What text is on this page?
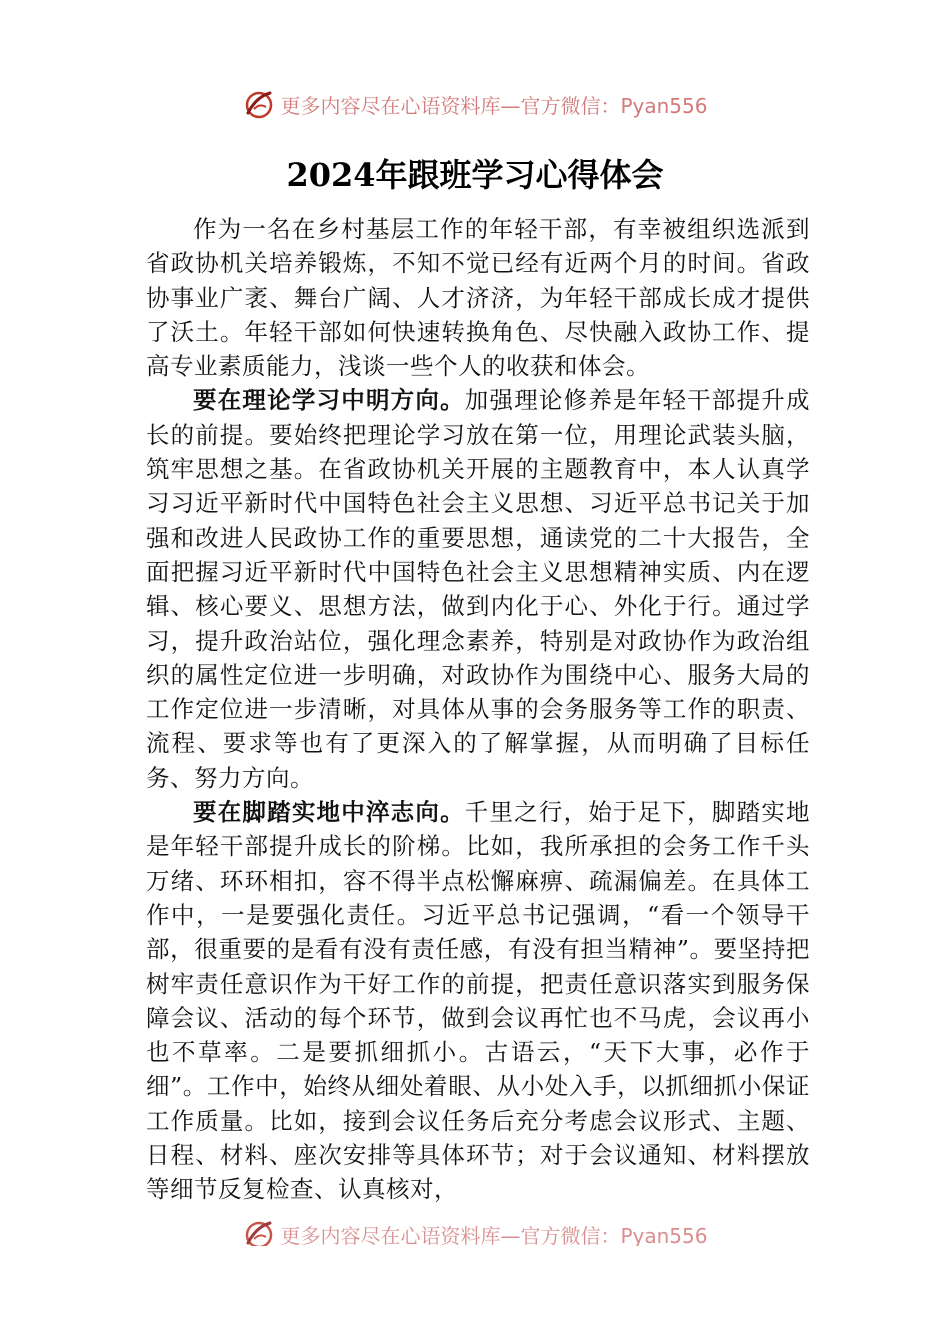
更多内容尽在心语资料库—官方微信：Pyan556
2024年跟班学习心得体会

作为一名在乡村基层工作的年轻干部，有幸被组织选派到省政协机关培养锻炼，不知不觉已经有近两个月的时间。省政协事业广袤、舞台广阔、人才济济，为年轻干部成长成才提供了沃土。年轻干部如何快速转换角色、尽快融入政协工作、提高专业素质能力，浅谈一些个人的收获和体会。

要在理论学习中明方向。加强理论修养是年轻干部提升成长的前提。要始终把理论学习放在第一位，用理论武装头脑，筑牢思想之基。在省政协机关开展的主题教育中，本人认真学习习近平新时代中国特色社会主义思想、习近平总书记关于加强和改进人民政协工作的重要思想，通读党的二十大报告，全面把握习近平新时代中国特色社会主义思想精神实质、内在逻辑、核心要义、思想方法，做到内化于心、外化于行。通过学习，提升政治站位，强化理念素养，特别是对政协作为政治组织的属性定位进一步明确，对政协作为围绕中心、服务大局的工作定位进一步清晰，对具体从事的会务服务等工作的职责、流程、要求等也有了更深入的了解掌握，从而明确了目标任务、努力方向。

要在脚踏实地中淬志向。千里之行，始于足下，脚踏实地是年轻干部提升成长的阶梯。比如，我所承担的会务工作千头万绪、环环相扣，容不得半点松懈麻痹、疏漏偏差。在具体工作中，一是要强化责任。习近平总书记强调，“看一个领导干部，很重要的是看有没有责任感，有没有担当精神”。要坚持把树牢责任意识作为干好工作的前提，把责任意识落实到服务保障会议、活动的每个环节，做到会议再忙也不马虎，会议再小也不草率。二是要抓细抓小。古语云，“天下大事，必作于细”。工作中，始终从细处着眼、从小处入手，以抓细抓小保证工作质量。比如，接到会议任务后充分考虑会议形式、主题、日程、材料、座次安排等具体环节；对于会议通知、材料摆放等细节反复检查、认真核对，

更多内容尽在心语资料库—官方微信：Pyan556
